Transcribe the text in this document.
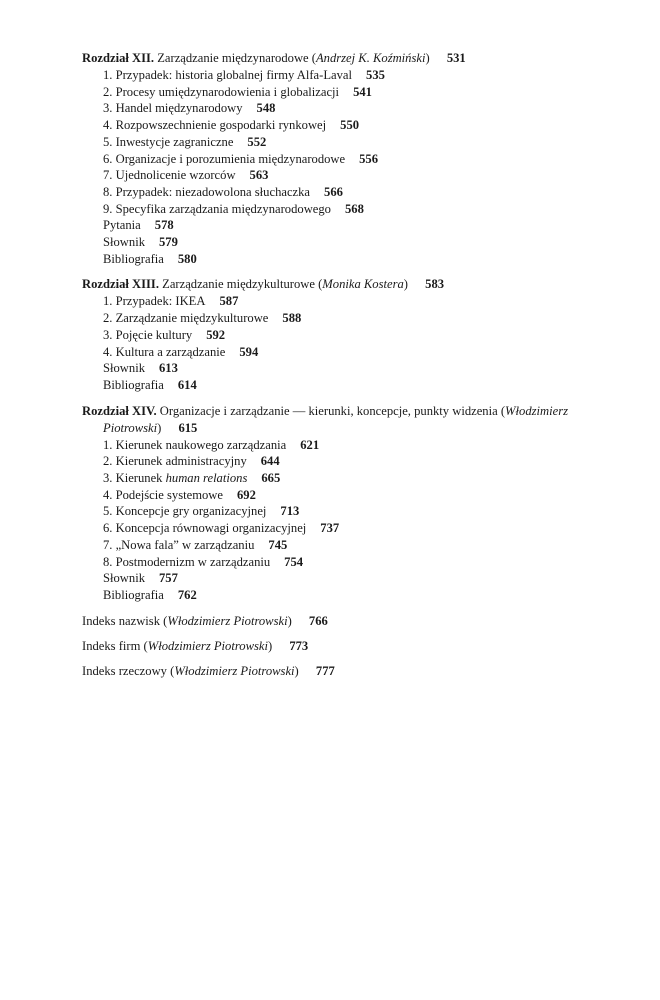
Rozdział XII. Zarządzanie międzynarodowe (Andrzej K. Koźmiński) 531
1. Przypadek: historia globalnej firmy Alfa-Laval 535
2. Procesy umiędzynarodowienia i globalizacji 541
3. Handel międzynarodowy 548
4. Rozpowszechnienie gospodarki rynkowej 550
5. Inwestycje zagraniczne 552
6. Organizacje i porozumienia międzynarodowe 556
7. Ujednolicenie wzorców 563
8. Przypadek: niezadowolona słuchaczka 566
9. Specyfika zarządzania międzynarodowego 568
Pytania 578
Słownik 579
Bibliografia 580
Rozdział XIII. Zarządzanie międzykulturowe (Monika Kostera) 583
1. Przypadek: IKEA 587
2. Zarządzanie międzykulturowe 588
3. Pojęcie kultury 592
4. Kultura a zarządzanie 594
Słownik 613
Bibliografia 614
Rozdział XIV. Organizacje i zarządzanie — kierunki, koncepcje, punkty widzenia (Włodzimierz
Piotrowski) 615
1. Kierunek naukowego zarządzania 621
2. Kierunek administracyjny 644
3. Kierunek human relations 665
4. Podejście systemowe 692
5. Koncepcje gry organizacyjnej 713
6. Koncepcja równowagi organizacyjnej 737
7. „Nowa fala” w zarządzaniu 745
8. Postmodernizm w zarządzaniu 754
Słownik 757
Bibliografia 762
Indeks nazwisk (Włodzimierz Piotrowski) 766
Indeks firm (Włodzimierz Piotrowski) 773
Indeks rzeczowy (Włodzimierz Piotrowski) 777
